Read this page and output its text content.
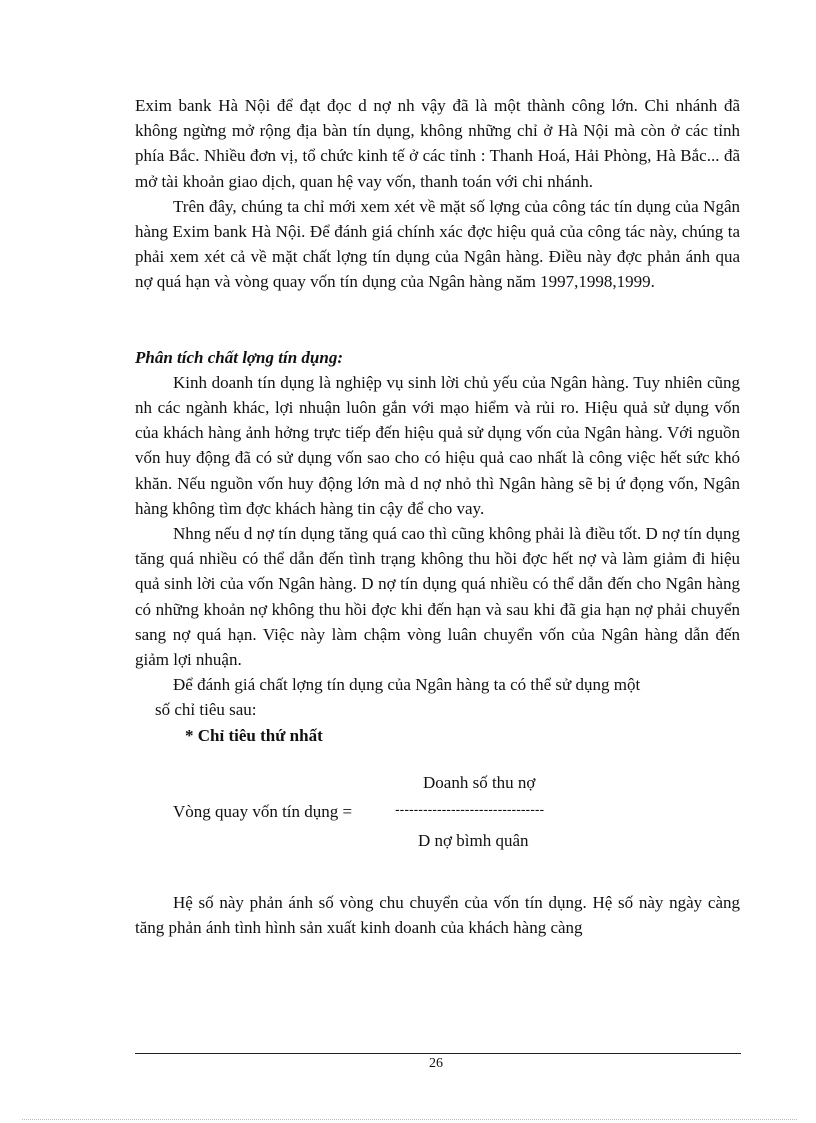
Exim bank Hà Nội để đạt đọc d nợ nh vậy đã là một thành công lớn. Chi nhánh đã không ngừng mở rộng địa bàn tín dụng, không những chỉ ở Hà Nội mà còn ở các tỉnh phía Bắc. Nhiều đơn vị, tổ chức kinh tế ở các tỉnh : Thanh Hoá, Hải Phòng, Hà Bắc... đã mở tài khoản giao dịch, quan hệ vay vốn, thanh toán với chi nhánh.

Trên đây, chúng ta chỉ mới xem xét về mặt số lợng của công tác tín dụng của Ngân hàng Exim bank Hà Nội. Để đánh giá chính xác đợc hiệu quả của công tác này, chúng ta phải xem xét cả về mặt chất lợng tín dụng của Ngân hàng. Điều này đợc phản ánh qua nợ quá hạn và vòng quay vốn tín dụng của Ngân hàng năm 1997,1998,1999.

Phân tích chất lợng tín dụng:

Kinh doanh tín dụng là nghiệp vụ sinh lời chủ yếu của Ngân hàng. Tuy nhiên cũng nh các ngành khác, lợi nhuận luôn gắn với mạo hiểm và rủi ro. Hiệu quả sử dụng vốn của khách hàng ảnh hởng trực tiếp đến hiệu quả sử dụng vốn của Ngân hàng. Với nguồn vốn huy động đã có sử dụng vốn sao cho có hiệu quả cao nhất là công việc hết sức khó khăn. Nếu nguồn vốn huy động lớn mà d nợ nhỏ thì Ngân hàng sẽ bị ứ đọng vốn, Ngân hàng không tìm đợc khách hàng tin cậy để cho vay.

Nhng nếu d nợ tín dụng tăng quá cao thì cũng không phải là điều tốt. D nợ tín dụng tăng quá nhiều có thể dẫn đến tình trạng không thu hồi đợc hết nợ và làm giảm đi hiệu quả sinh lời của vốn Ngân hàng. D nợ tín dụng quá nhiều có thể dẫn đến cho Ngân hàng có những khoản nợ không thu hồi đợc khi đến hạn và sau khi đã gia hạn nợ phải chuyển sang nợ quá hạn. Việc này làm chậm vòng luân chuyển vốn của Ngân hàng dẫn đến giảm lợi nhuận.

Để đánh giá chất lợng tín dụng của Ngân hàng ta có thể sử dụng một

số chỉ tiêu sau:

* Chỉ tiêu thứ nhất

Doanh số thu nợ
Vòng quay vốn tín dụng =	--------------------------------
D nợ bìmh quân

Hệ số này phản ánh số vòng chu chuyển của vốn tín dụng. Hệ số này ngày càng tăng phản ánh tình hình sản xuất kinh doanh của khách hàng càng

26
